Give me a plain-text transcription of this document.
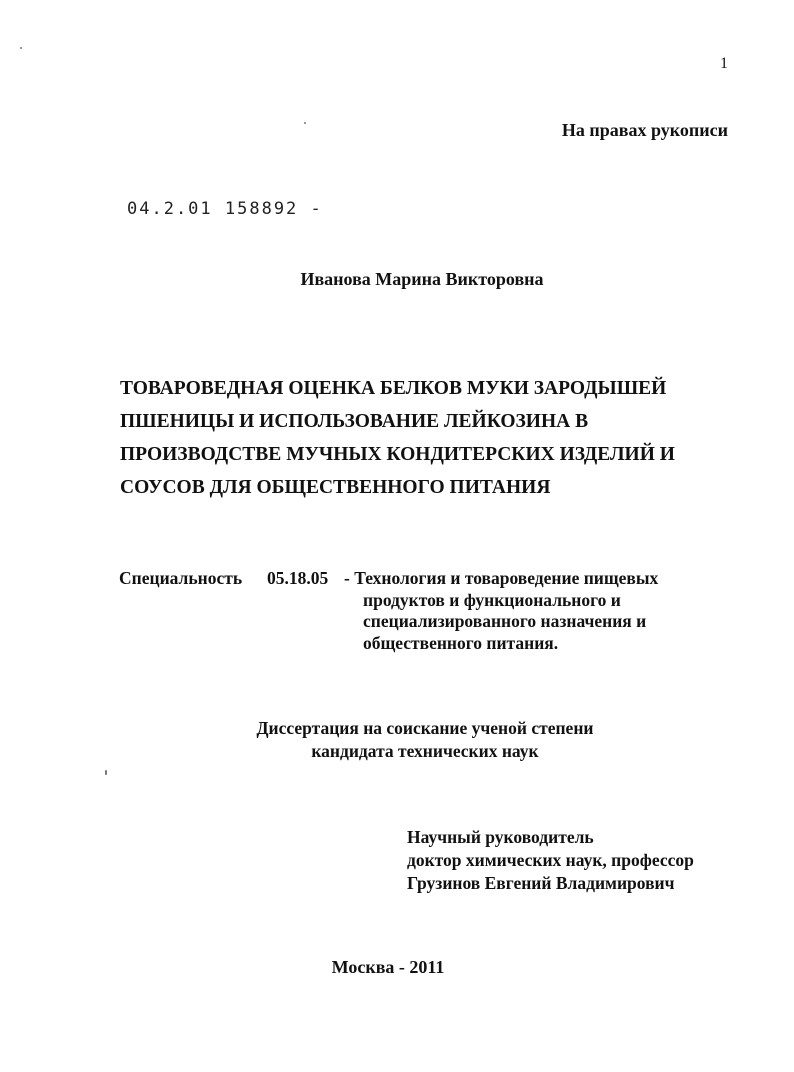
1
На правах рукописи
04.2.01 158892 -
Иванова Марина Викторовна
ТОВАРОВЕДНАЯ ОЦЕНКА БЕЛКОВ МУКИ ЗАРОДЫШЕЙ
ПШЕНИЦЫ И ИСПОЛЬЗОВАНИЕ ЛЕЙКОЗИНА В
ПРОИЗВОДСТВЕ МУЧНЫХ КОНДИТЕРСКИХ ИЗДЕЛИЙ И
СОУСОВ ДЛЯ ОБЩЕСТВЕННОГО ПИТАНИЯ
Специальность 05.18.05 - Технология и товароведение пищевых
продуктов и функционального и
специализированного назначения и
общественного питания.
Диссертация на соискание ученой степени
кандидата технических наук
Научный руководитель
доктор химических наук, профессор
Грузинов Евгений Владимирович
Москва - 2011
